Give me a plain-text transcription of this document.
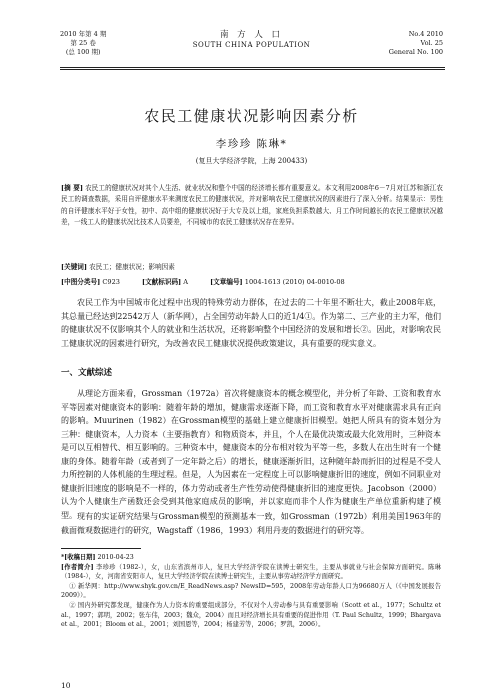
2010 年第 4 期
第 25 卷
(总 100 期)
南 方 人 口
SOUTH CHINA POPULATION
No.4 2010
Vol. 25
General No. 100
农民工健康状况影响因素分析
李珍珍 陈琳*
(复旦大学经济学院，上海 200433)
[摘 要] 农民工的健康状况对其个人生活、就业状况和整个中国的经济增长都有重要意义。本文利用2008年6－7月对江苏和浙江农民工的调查数据，采用自评健康水平来测度农民工的健康状况，并对影响农民工健康状况的因素进行了深入分析。结果显示：男性的自评健康水平好于女性，初中、高中组的健康状况好于大专及以上组，家庭负担系数越大、月工作时间越长的农民工健康状况越差，一线工人的健康状况比技术人员要差，不同城市的农民工健康状况存在差异。
[关键词] 农民工；健康状况；影响因素
[中图分类号] C923	[文献标识码] A	[文章编号] 1004-1613 (2010) 04-0010-08

农民工作为中国城市化过程中出现的特殊劳动力群体，在过去的二十年里不断壮大，截止2008年底，其总量已经达到22542万人（新华网），占全国劳动年龄人口的近1/4①。作为第二、三产业的主力军，他们的健康状况不仅影响其个人的就业和生活状况，还将影响整个中国经济的发展和增长②。因此，对影响农民工健康状况的因素进行研究，为改善农民工健康状况提供政策建议，具有重要的现实意义。

一、文献综述

从理论方面来看，Grossman（1972a）首次将健康资本的概念模型化，并分析了年龄、工资和教育水平等因素对健康资本的影响：随着年龄的增加，健康需求逐渐下降，而工资和教育水平对健康需求具有正向的影响。Muurinen（1982）在Grossman模型的基础上建立健康折旧模型。她把人所具有的资本划分为三种：健康资本，人力资本（主要指教育）和物质资本，并且，个人在最优决策或最大化效用时，三种资本是可以互相替代、相互影响的。三种资本中，健康资本的分布相对较为平等一些，多数人在出生时有一个健康的身体。随着年龄（或者到了一定年龄之后）的增长，健康逐渐折旧，这种随年龄而折旧的过程是不受人力所控制的人体机能的生理过程。但是，人为因素在一定程度上可以影响健康折旧的速度，例如不同职业对健康折旧速度的影响是不一样的，体力劳动或者生产性劳动使得健康折旧的速度更快。Jacobson（2000）认为个人健康生产函数还会受到其他家庭成员的影响，并以家庭而非个人作为健康生产单位重新构建了模型。 现有的实证研究结果与Grossman模型的预测基本一致，如Grossman（1972b）利用美国1963年的截面微观数据进行的研究，Wagstaff（1986，1993）利用丹麦的数据进行的研究等。

*[收稿日期] 2010-04-23
[作者简介] 李珍珍（1982-），女，山东省滨州市人，复旦大学经济学院在读博士研究生，主要从事就业与社会保障方面研究。陈琳（1984-），女，河南省安阳市人，复旦大学经济学院在读博士研究生，主要从事劳动经济学方面研究。
① 新华网：http://www.shyk.gov.cn/E_ReadNews.asp? NewsID=595，2008年劳动年龄人口为96680万人（《中国发展报告2009》）。
② 国内外研究都发现，健康作为人力资本的重要组成部分，不仅对个人劳动参与具有重要影响（Scott et al.，1977；Schultz et al.，1997；郭明，2002；张车伟，2003；魏众，2004）而且对经济增长具有重要的促进作用（T. Paul Schultz，1999；Bhargava et al.，2001；Bloom et al.，2001；刘国恩等，2004；杨建芳等，2006；罗凯，2006）。
10
